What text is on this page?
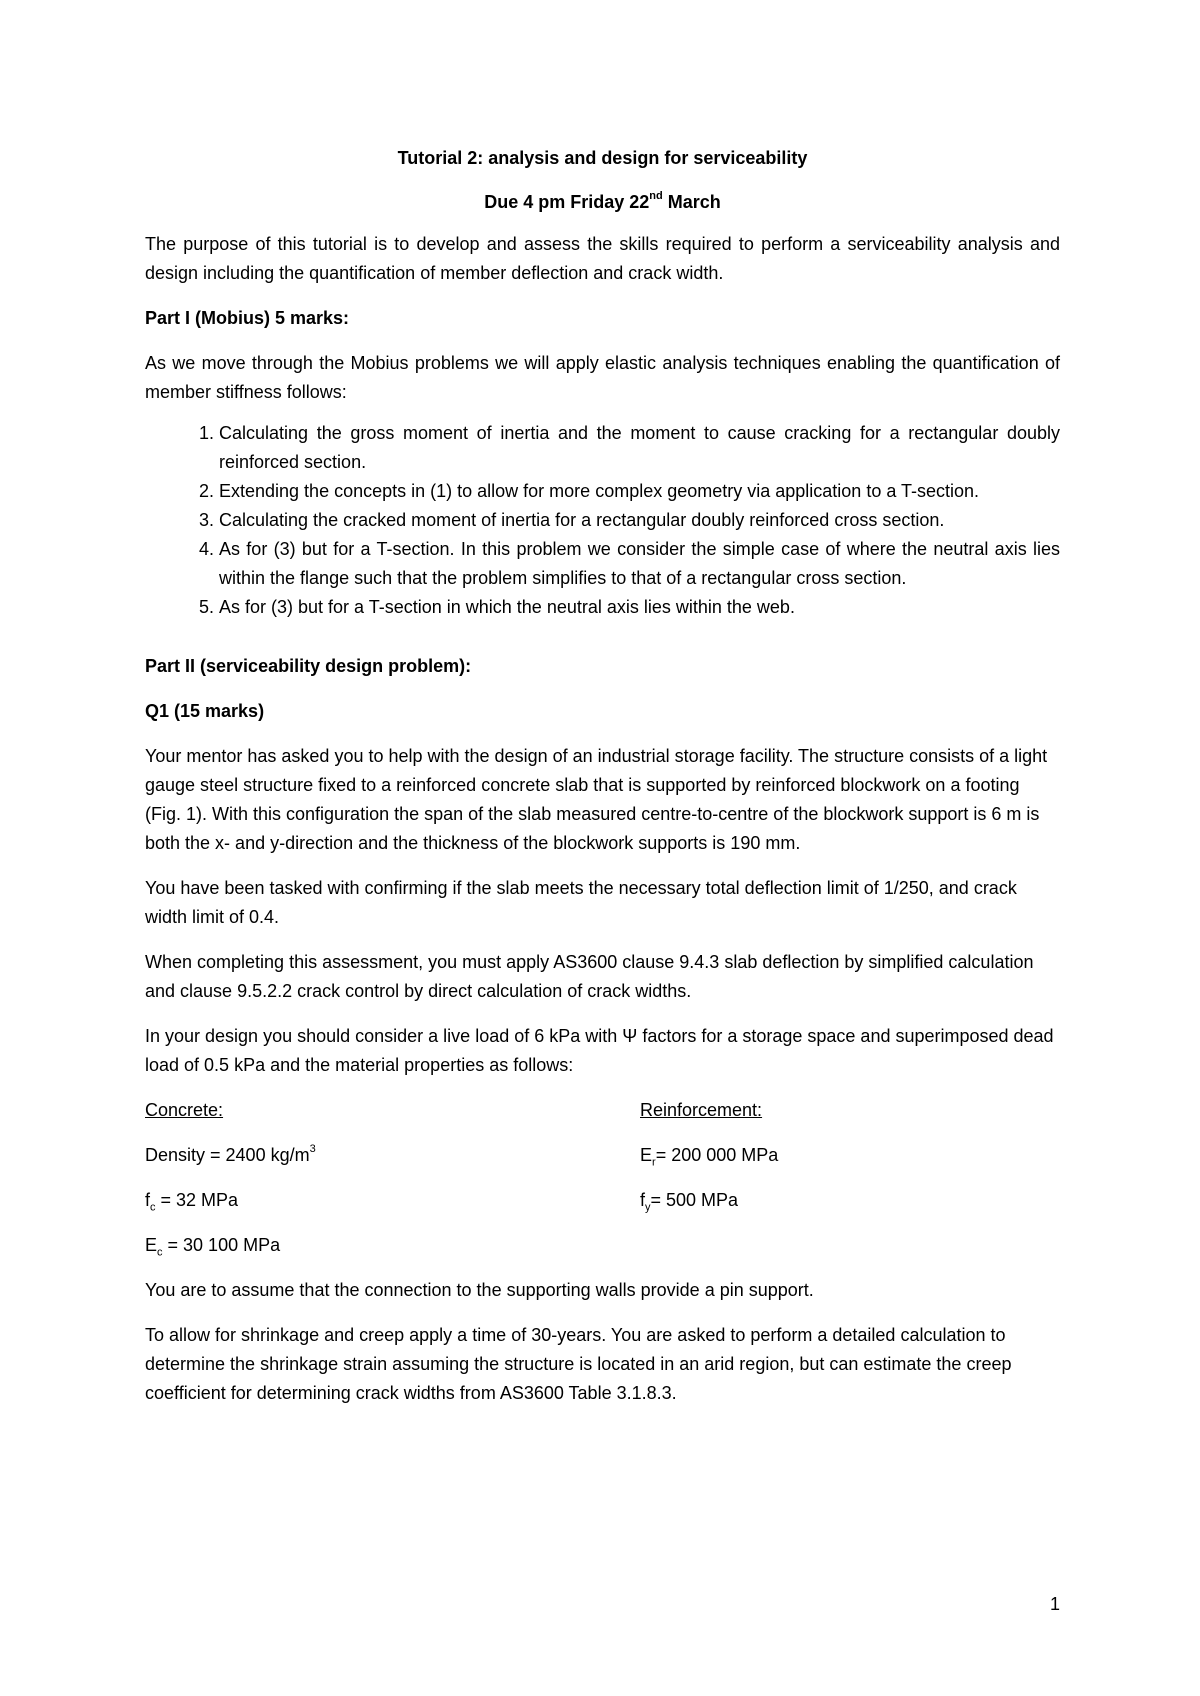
Tutorial 2: analysis and design for serviceability

Due 4 pm Friday 22nd March

The purpose of this tutorial is to develop and assess the skills required to perform a serviceability analysis and design including the quantification of member deflection and crack width.

Part I (Mobius) 5 marks:

As we move through the Mobius problems we will apply elastic analysis techniques enabling the quantification of member stiffness follows:

1. Calculating the gross moment of inertia and the moment to cause cracking for a rectangular doubly reinforced section.
2. Extending the concepts in (1) to allow for more complex geometry via application to a T-section.
3. Calculating the cracked moment of inertia for a rectangular doubly reinforced cross section.
4. As for (3) but for a T-section. In this problem we consider the simple case of where the neutral axis lies within the flange such that the problem simplifies to that of a rectangular cross section.
5. As for (3) but for a T-section in which the neutral axis lies within the web.

Part II (serviceability design problem):

Q1 (15 marks)

Your mentor has asked you to help with the design of an industrial storage facility. The structure consists of a light gauge steel structure fixed to a reinforced concrete slab that is supported by reinforced blockwork on a footing (Fig. 1). With this configuration the span of the slab measured centre-to-centre of the blockwork support is 6 m is both the x- and y-direction and the thickness of the blockwork supports is 190 mm.

You have been tasked with confirming if the slab meets the necessary total deflection limit of 1/250, and crack width limit of 0.4.

When completing this assessment, you must apply AS3600 clause 9.4.3 slab deflection by simplified calculation and clause 9.5.2.2 crack control by direct calculation of crack widths.

In your design you should consider a live load of 6 kPa with Ψ factors for a storage space and superimposed dead load of 0.5 kPa and the material properties as follows:

Concrete:	Reinforcement:
Density = 2400 $kg/m^3$	$E_r= 200$ 000 MPa
$f_c = 32$ MPa	$f_y= 500$ MPa
$E_c = 30$ 100 MPa

You are to assume that the connection to the supporting walls provide a pin support.

To allow for shrinkage and creep apply a time of 30-years. You are asked to perform a detailed calculation to determine the shrinkage strain assuming the structure is located in an arid region, but can estimate the creep coefficient for determining crack widths from AS3600 Table 3.1.8.3.

1
